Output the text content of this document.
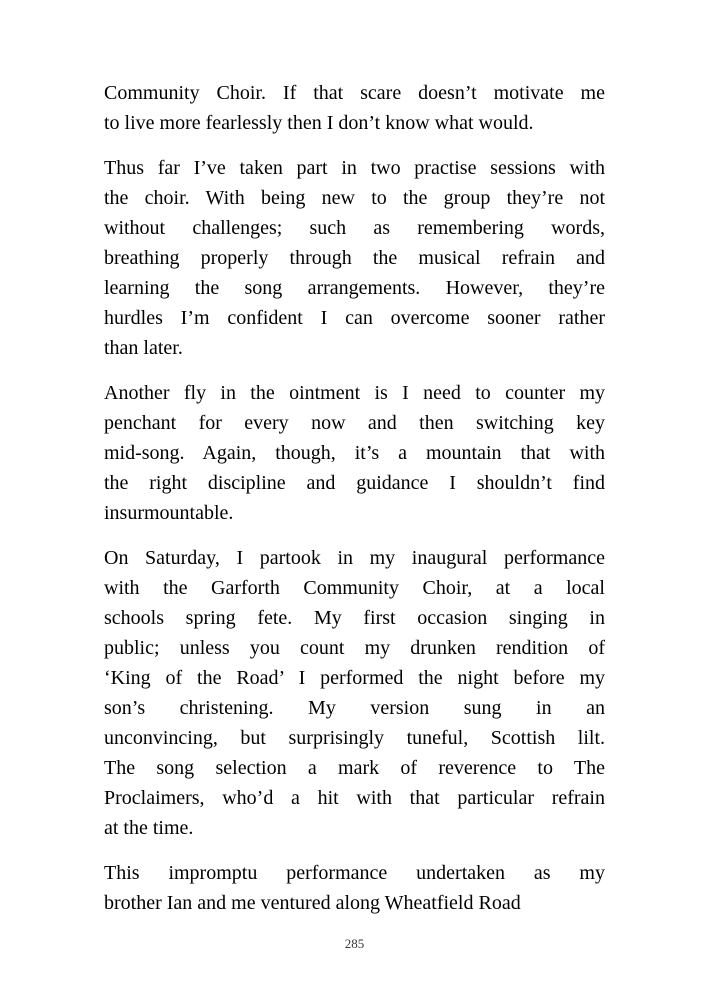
Community Choir. If that scare doesn’t motivate me
to live more fearlessly then I don’t know what would.

Thus far I’ve taken part in two practise sessions with
the choir. With being new to the group they’re not
without challenges; such as remembering words,
breathing properly through the musical refrain and
learning the song arrangements. However, they’re
hurdles I’m confident I can overcome sooner rather
than later.

Another fly in the ointment is I need to counter my
penchant for every now and then switching key
mid-song. Again, though, it’s a mountain that with
the right discipline and guidance I shouldn’t find
insurmountable.

On Saturday, I partook in my inaugural performance
with the Garforth Community Choir, at a local
schools spring fete. My first occasion singing in
public; unless you count my drunken rendition of
‘King of the Road’ I performed the night before my
son’s christening. My version sung in an
unconvincing, but surprisingly tuneful, Scottish lilt.
The song selection a mark of reverence to The
Proclaimers, who’d a hit with that particular refrain
at the time.

This impromptu performance undertaken as my
brother Ian and me ventured along Wheatfield Road

285
